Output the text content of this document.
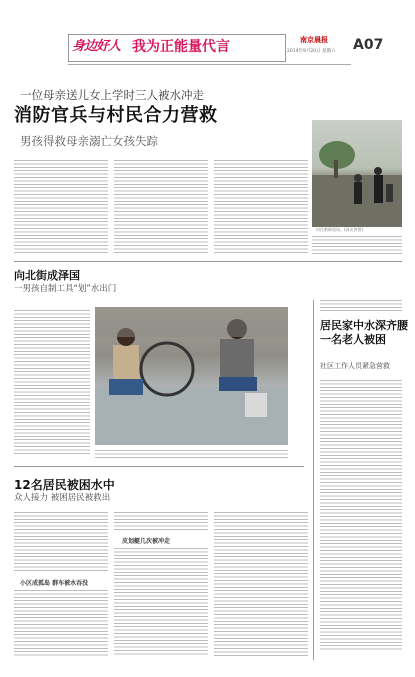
身边好人 我为正能量代言	南京晨报
2014年9月20日 星期六 A07
一位母亲送儿女上学时三人被水冲走
消防官兵与村民合力营救
男孩得救母亲溺亡女孩失踪
村民救助现场。(网友供图)
向北街成泽国
一男孩自制工具“划”水出门
居民家中水深齐腰一名老人被困
社区工作人员紧急营救
12名居民被困水中
众人接力 被困居民被救出
小区成孤岛 群车被水吞没
皮划艇几次被冲走
